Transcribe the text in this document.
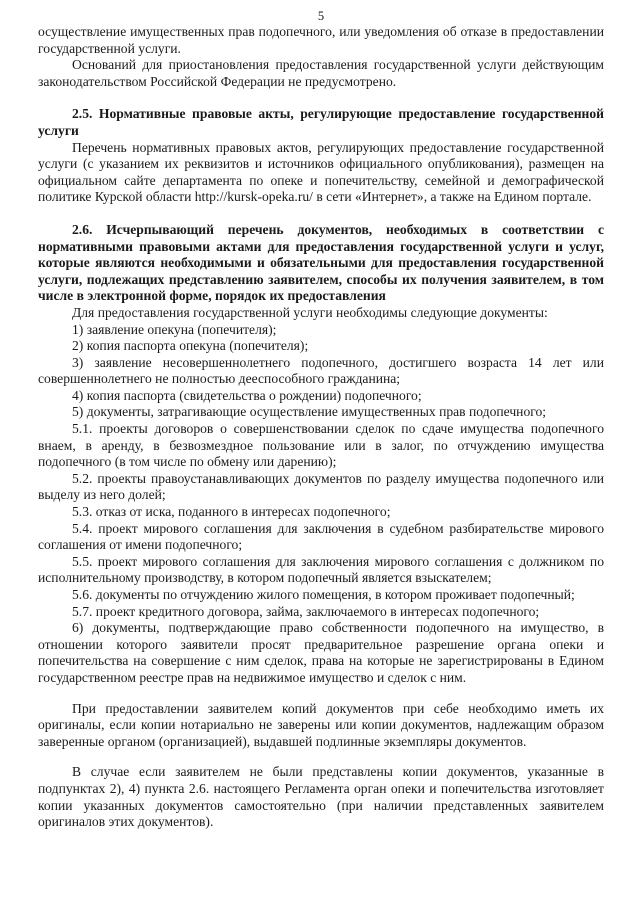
5

осуществление имущественных прав подопечного, или уведомления об отказе в предоставлении государственной услуги.

Оснований для приостановления предоставления государственной услуги действующим законодательством Российской Федерации не предусмотрено.

2.5. Нормативные правовые акты, регулирующие предоставление государственной услуги

Перечень нормативных правовых актов, регулирующих предоставление государственной услуги (с указанием их реквизитов и источников официального опубликования), размещен на официальном сайте департамента по опеке и попечительству, семейной и демографической политике Курской области http://kursk-opeka.ru/ в сети «Интернет», а также на Едином портале.

2.6. Исчерпывающий перечень документов, необходимых в соответствии с нормативными правовыми актами для предоставления государственной услуги и услуг, которые являются необходимыми и обязательными для предоставления государственной услуги, подлежащих представлению заявителем, способы их получения заявителем, в том числе в электронной форме, порядок их предоставления

Для предоставления государственной услуги необходимы следующие документы:

1) заявление опекуна (попечителя);

2) копия паспорта опекуна (попечителя);

3) заявление несовершеннолетнего подопечного, достигшего возраста 14 лет или совершеннолетнего не полностью дееспособного гражданина;

4) копия паспорта (свидетельства о рождении) подопечного;

5) документы, затрагивающие осуществление имущественных прав подопечного;

5.1. проекты договоров о совершенствовании сделок по сдаче имущества подопечного внаем, в аренду, в безвозмездное пользование или в залог, по отчуждению имущества подопечного (в том числе по обмену или дарению);

5.2. проекты правоустанавливающих документов по разделу имущества подопечного или выделу из него долей;

5.3. отказ от иска, поданного в интересах подопечного;

5.4. проект мирового соглашения для заключения в судебном разбирательстве мирового соглашения от имени подопечного;

5.5. проект мирового соглашения для заключения мирового соглашения с должником по исполнительному производству, в котором подопечный является взыскателем;

5.6. документы по отчуждению жилого помещения, в котором проживает подопечный;

5.7. проект кредитного договора, займа, заключаемого в интересах подопечного;

6) документы, подтверждающие право собственности подопечного на имущество, в отношении которого заявители просят предварительное разрешение органа опеки и попечительства на совершение с ним сделок, права на которые не зарегистрированы в Едином государственном реестре прав на недвижимое имущество и сделок с ним.

При предоставлении заявителем копий документов при себе необходимо иметь их оригиналы, если копии нотариально не заверены или копии документов, надлежащим образом заверенные органом (организацией), выдавшей подлинные экземпляры документов.

В случае если заявителем не были представлены копии документов, указанные в подпунктах 2), 4) пункта 2.6. настоящего Регламента орган опеки и попечительства изготовляет копии указанных документов самостоятельно (при наличии представленных заявителем оригиналов этих документов).
